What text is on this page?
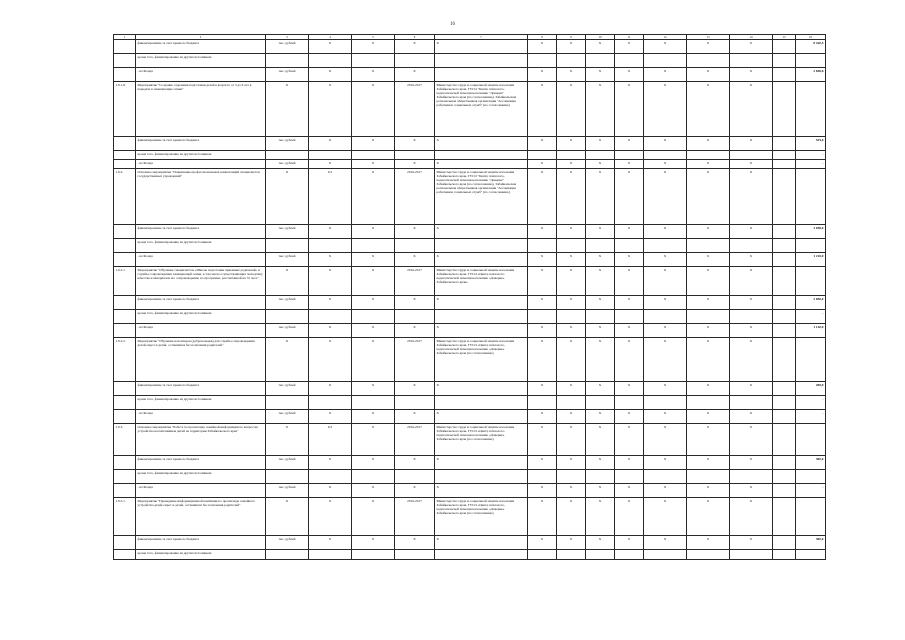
16
1	2	3	4	5	6	7	8	9	10	11	12	13	14	15	16
	финансирование за счет краевого бюджета	тыс. рублей	X	X	X	X	X	X	X	X	X	X	X		8 420,5
	кроме того, финансирование из других источников:														
	- из Фонда	тыс. рублей	X	X	X		X	X	X	X	X	X	X		2 696,8
1.9.1.8.	Мероприятие "Создание отделения подготовки детей в возрасте от 3 до 6 лет к передаче в замещающие семьи"	X	X	X	2016-2017	Министерство труда и социальной защиты населения Забайкальского края, ГУСО "Центр психолого-педагогической помощи населению "Доверие" Забайкальского края (по согласованию), Забайкальская региональная общественная организация "Ассоциация работников социальных служб" (по согласованию)	X	X	X	X	X	X	X		
	финансирование за счет краевого бюджета	тыс. рублей	X	X	X	X	X	X	X	X	X	X	X		535,0
	кроме того, финансирование из других источников:														-
	- из Фонда	тыс. рублей	X	X	X	X	X	X	X	X	X	X	X		-
1.9.2.	Основное мероприятие "Повышение профессиональных компетенций специалистов государственных учреждений"	X	6,3	X	2016-2017	Министерство труда и социальной защиты населения Забайкальского края, ГУСО "Центр психолого-педагогической помощи населению "Доверие" Забайкальского края (по согласованию), Забайкальская региональная общественная организация "Ассоциация работников социальных служб" (по согласованию)	X	X	X	X	X	X	X		
	финансирование за счет краевого бюджета	тыс. рублей	X	X	X	X	X	X	X	X	X	X	X		3 058,0
	кроме того, финансирование из других источников:														
	- из Фонда	тыс. рублей	X	X	X	X	X	X	X	X	X	X	X		1 210,0
1.9.2.1.	Мероприятие "Обучение специалистов «Школы подготовки приемных родителей» и службы сопровождения замещающей семьи, в том числе осуществляющих экспертизу качества и материалов его сопровождения, по программе, рассчитанной на 72 часа"	X	X	X	2016-2017	Министерство труда и социальной защиты населения Забайкальского края, ГУСО «Центр психолого-педагогической помощи населению «Доверие» Забайкальского края»	X	X	X	X	X	X	X		
	финансирование за счет краевого бюджета	тыс. рублей	X	X	X	X	X	X	X	X	X	X	X		2 850,0
	кроме того, финансирование из других источников:														-
	- из Фонда	тыс. рублей	X	X	X	X	X	X	X	X	X	X	X		1 120,0
1.9.2.2.	Мероприятие "Обучение волонтеров (добровольцев) для службы сопровождения детей-сирот и детей, оставшихся без попечения родителей"	X	X	X	2016-2017	Министерство труда и социальной защиты населения Забайкальского края, ГУСО «Центр психолого-педагогической помощи населению «Доверие» Забайкальского края (по согласованию)	X	X	X	X	X	X	X		
	финансирование за счет краевого бюджета	тыс. рублей	X	X	X	X	X	X	X	X	X	X	X		208,0
	кроме того, финансирование из других источников:														-
	- из Фонда	тыс. рублей	X	X	X	X	X	X	X	X	X	X	X		-
1.9.3.	Основное мероприятие "Работа по пропаганде семейной информации по вопросам устройства воспитанников детей на территории Забайкальского края"	X	6,3	X	2016-2017	Министерство труда и социальной защиты населения Забайкальского края, ГУСО «Центр психолого-педагогической помощи населению «Доверие» Забайкальского края (по согласованию)	X	X	X	X	X	X	X		
	финансирование за счет краевого бюджета	тыс. рублей	X	X	X	X	X	X	X	X	X	X	X		300,0
	кроме того, финансирование из других источников:														
	- из Фонда	тыс. рублей	X	X	X	X	X	X	X	X	X	X	X		-
1.9.3.1.	Мероприятие "Проведение информационной кампании по пропаганде семейного устройства детей-сирот и детей, оставшихся без попечения родителей"	X	X	X	2016-2017	Министерство труда и социальной защиты населения Забайкальского края, ГУСО «Центр психолого-педагогической помощи населению «Доверие» Забайкальского края (по согласованию)	X	X	X	X	X	X	X		
	финансирование за счет краевого бюджета	тыс. рублей	X	X	X	X	X	X	X	X	X	X	X		300,0
	кроме того, финансирование из других источников:														
